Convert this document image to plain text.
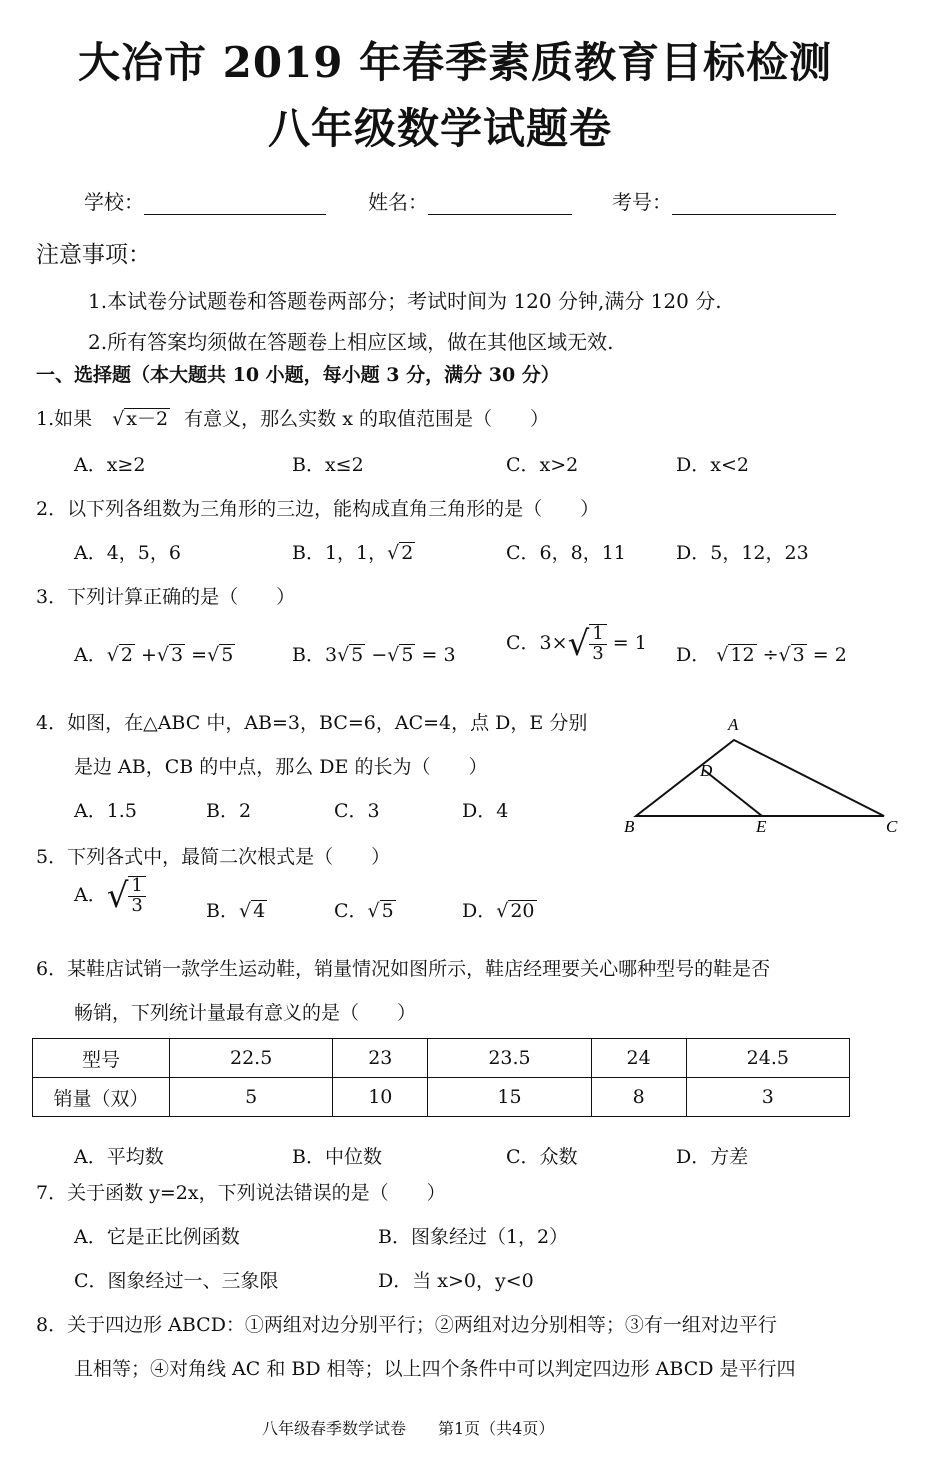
大冶市 2019 年春季素质教育目标检测
八年级数学试题卷
学校：	姓名：	考号：
注意事项：
1.本试卷分试题卷和答题卷两部分；考试时间为 120 分钟,满分 120 分.
2.所有答案均须做在答题卷上相应区域，做在其他区域无效.
一、选择题（本大题共 10 小题，每小题 3 分，满分 30 分）
1.如果 √ x－2 有意义，那么实数 x 的取值范围是（　　）
A．x≥2	B．x≤2	C．x>2	D．x<2
2．以下列各组数为三角形的三边，能构成直角三角形的是（　　）
A．4，5，6	B．1，1，√ 2	C．6，8，11	D．5，12，23
3．下列计算正确的是（　　）
A．√ 2 +√ 3 =√ 5	B．3√ 5 −√ 5 = 3
C．$3\times√ \frac{1}{3} = 1$
D． √ 12 ÷√ 3 = 2
4．如图，在△ABC 中，AB=3，BC=6，AC=4，点 D，E 分别
是边 AB，CB 的中点，那么 DE 的长为（　　）
A．1.5	B．2	C．3	D．4
A
D
B	E	C
5．下列各式中，最简二次根式是（　　）
A．√ $\frac{1}{3}$	B．√ 4	C．√ 5	D．√ 20
6．某鞋店试销一款学生运动鞋，销量情况如图所示，鞋店经理要关心哪种型号的鞋是否
畅销，下列统计量最有意义的是（　　）
型号	22.5	23	23.5	24	24.5
销量（双）	5	10	15	8	3
A．平均数	B．中位数	C．众数	D．方差
7．关于函数 y=2x，下列说法错误的是（　　）
A．它是正比例函数	B．图象经过（1，2）
C．图象经过一、三象限	D．当 x>0，y<0
8．关于四边形 ABCD：①两组对边分别平行；②两组对边分别相等；③有一组对边平行
且相等；④对角线 AC 和 BD 相等；以上四个条件中可以判定四边形 ABCD 是平行四
八年级春季数学试卷　　第1页（共4页）
